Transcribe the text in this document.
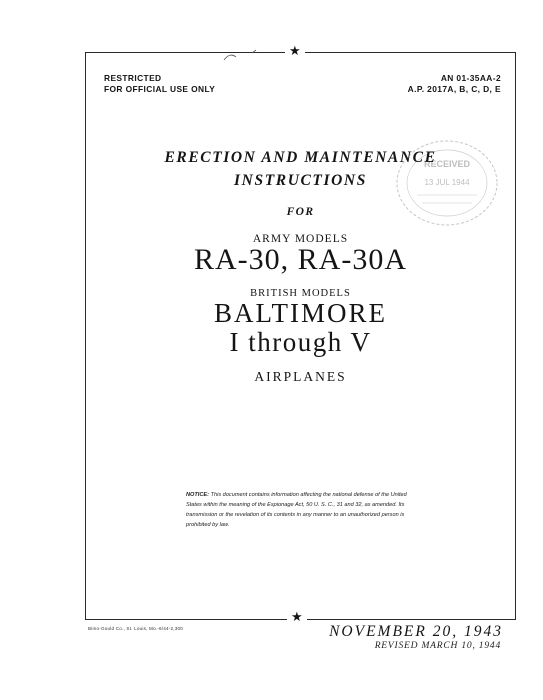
★
★
RESTRICTED
FOR OFFICIAL USE ONLY
AN 01-35AA-2
A.P. 2017A, B, C, D, E
RECEIVED
13 JUL 1944
ERECTION AND MAINTENANCE
INSTRUCTIONS
FOR
ARMY MODELS
RA-30, RA-30A
BRITISH MODELS
BALTIMORE
I through V
AIRPLANES
NOTICE: This document contains information affecting the national defense of the United States within the meaning of the Espionage Act, 50 U. S. C., 31 and 32, as amended. Its transmission or the revelation of its contents in any manner to an unauthorized person is prohibited by law.
Bimo-Gould Co., St. Louis, Mo.-6/44-2,300	NOVEMBER 20, 1943
REVISED MARCH 10, 1944
